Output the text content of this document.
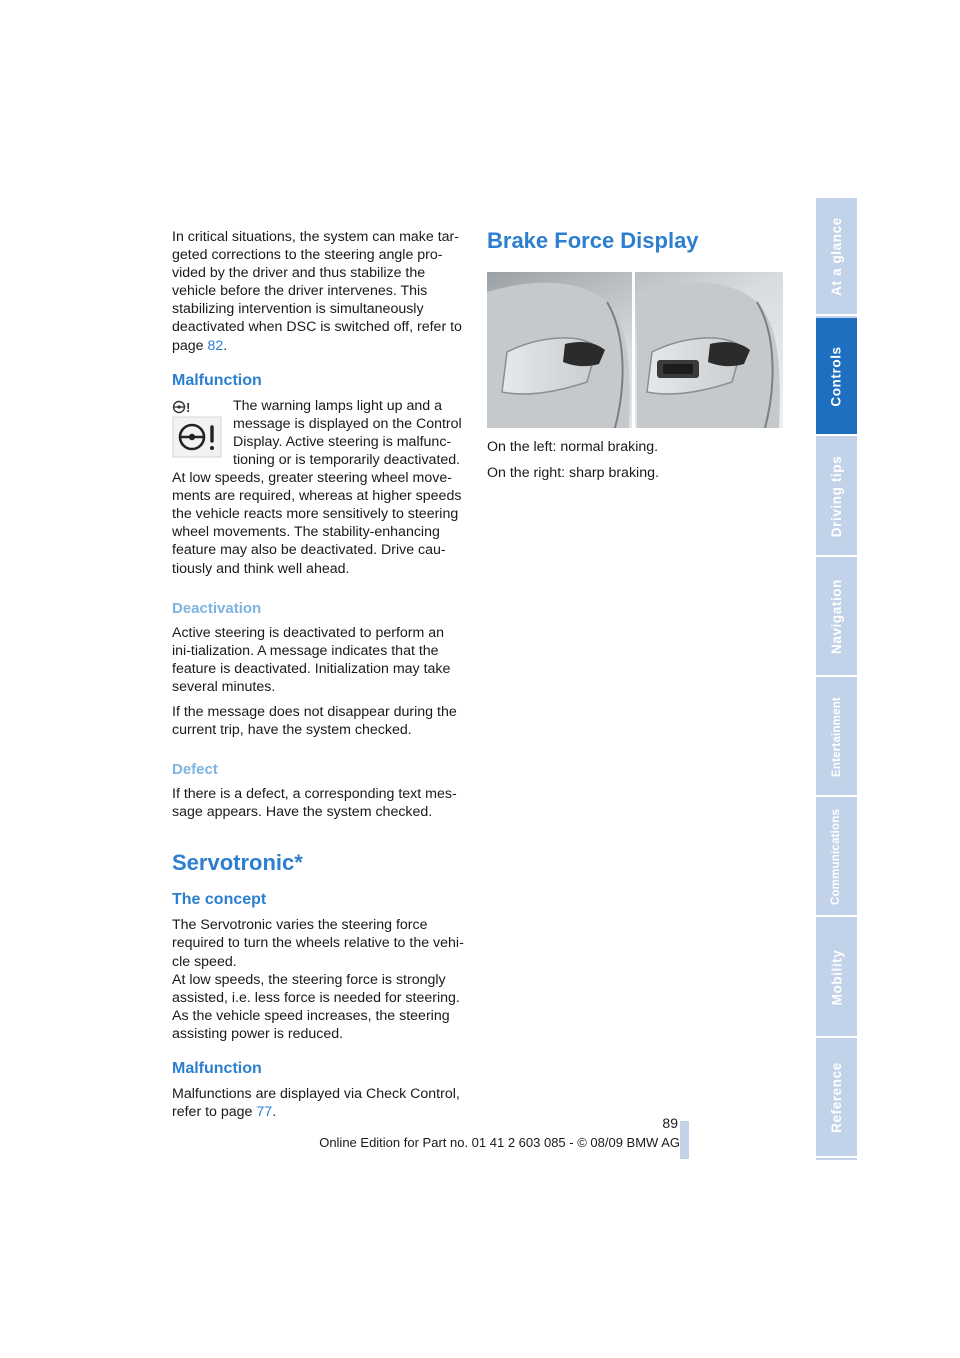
In critical situations, the system can make tar-geted corrections to the steering angle pro-vided by the driver and thus stabilize the vehicle before the driver intervenes. This stabilizing intervention is simultaneously deactivated when DSC is switched off, refer to page 82.

Malfunction
!	The warning lamps light up and a message is displayed on the Control Display. Active steering is malfunc-tioning or is temporarily deactivated.

At low speeds, greater steering wheel move-ments are required, whereas at higher speeds the vehicle reacts more sensitively to steering wheel movements. The stability-enhancing feature may also be deactivated. Drive cau-tiously and think well ahead.

Deactivation

Active steering is deactivated to perform an ini-tialization. A message indicates that the feature is deactivated. Initialization may take several minutes.

If the message does not disappear during the current trip, have the system checked.

Defect

If there is a defect, a corresponding text mes-sage appears. Have the system checked.

Servotronic*
The concept

The Servotronic varies the steering force required to turn the wheels relative to the vehi-cle speed.

At low speeds, the steering force is strongly assisted, i.e. less force is needed for steering. As the vehicle speed increases, the steering assisting power is reduced.

Malfunction

Malfunctions are displayed via Check Control, refer to page 77.

Brake Force Display

On the left: normal braking.

On the right: sharp braking.

At a glance
Controls
Driving tips
Navigation
Entertainment
Communications
Mobility
Reference
89
Online Edition for Part no. 01 41 2 603 085 - © 08/09 BMW AG
